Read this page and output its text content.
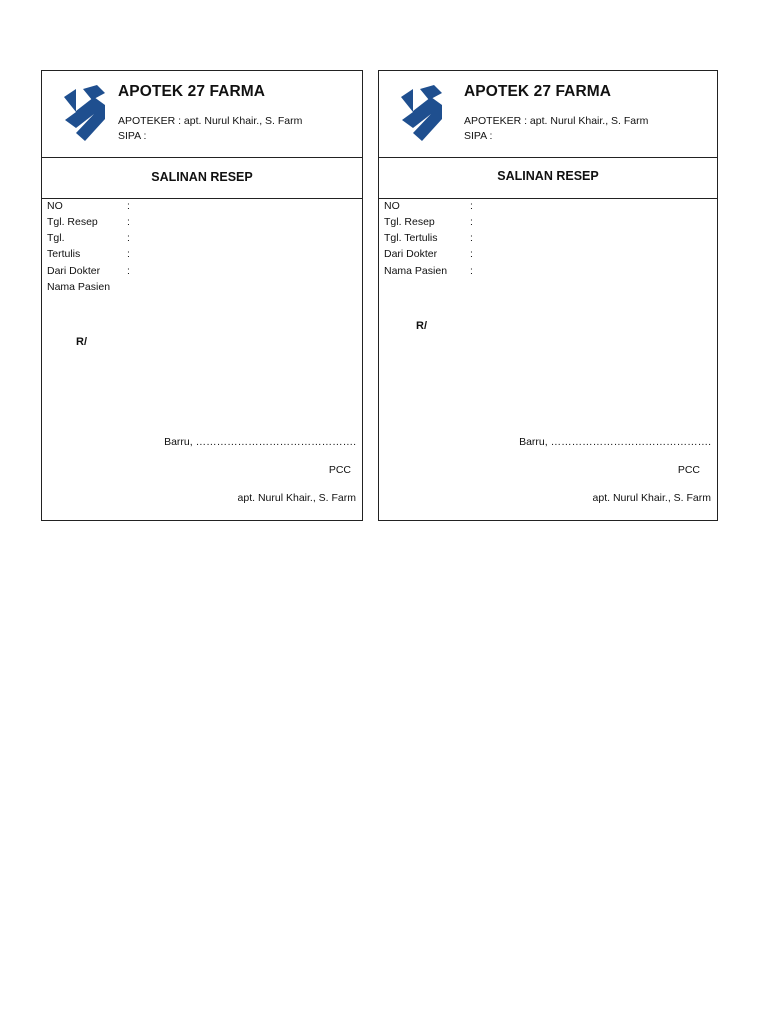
APOTEK 27 FARMA
APOTEKER : apt. Nurul Khair., S. Farm
SIPA :
SALINAN RESEP
NO	:
Tgl. Resep	:
Tgl.	:
Tertulis	:
Dari Dokter	:
Nama Pasien
R/
Barru, ……………………………………….
PCC
apt. Nurul Khair., S. Farm
APOTEK 27 FARMA
APOTEKER : apt. Nurul Khair., S. Farm
SIPA :
SALINAN RESEP
NO	:
Tgl. Resep	:
Tgl. Tertulis	:
Dari Dokter	:
Nama Pasien :
R/
Barru, ……………………………………….
PCC
apt. Nurul Khair., S. Farm
